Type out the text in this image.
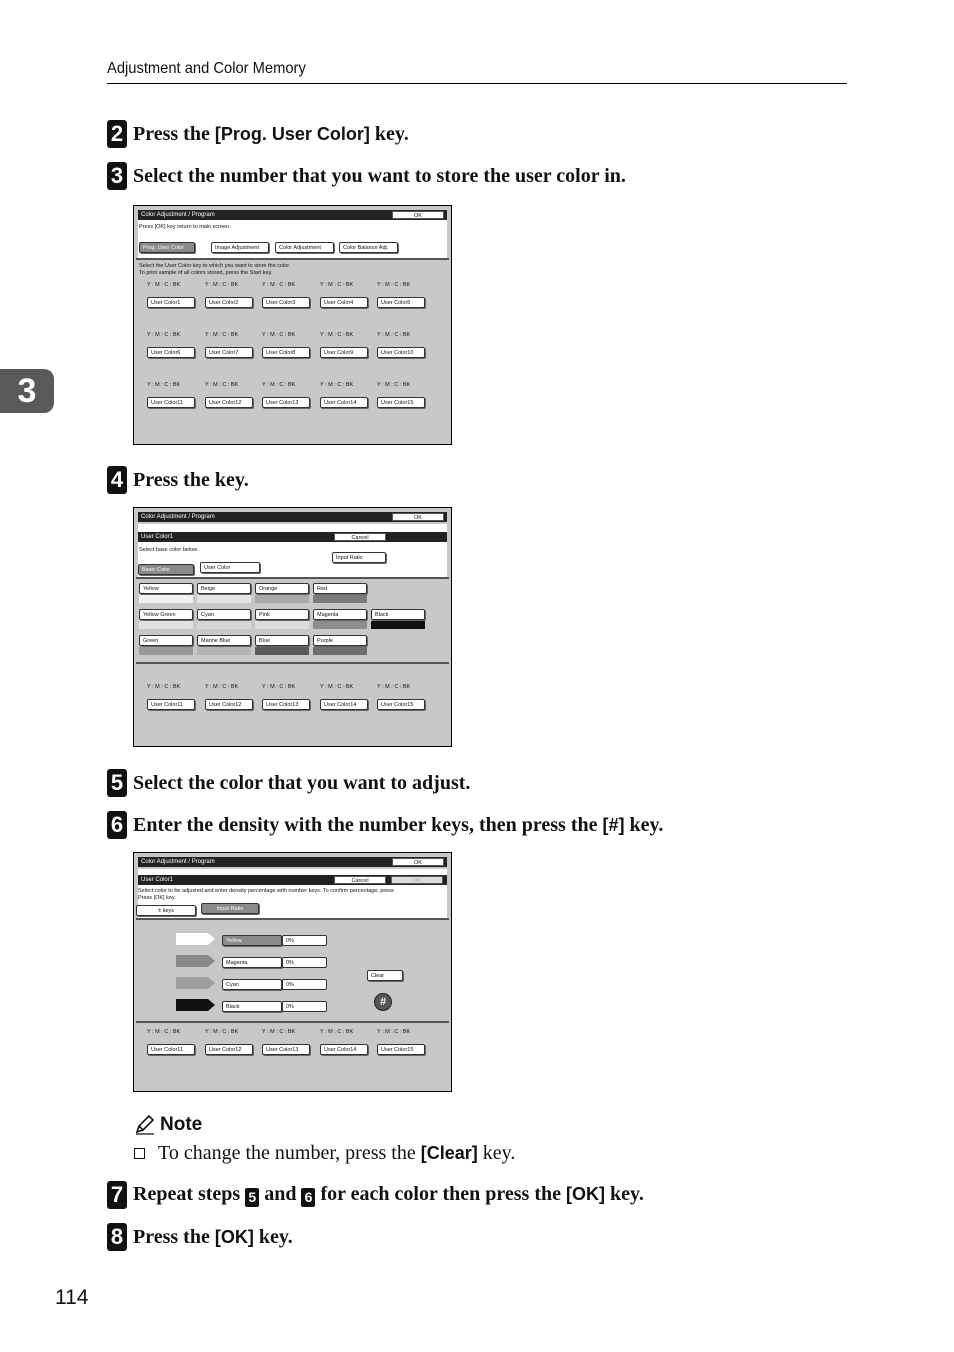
Adjustment and Color Memory
3
2 Press the [Prog. User Color] key.
3 Select the number that you want to store the user color in.
Color Adjustment / Program	OK
Press [OK] key return to main screen.
Prog. User Color	Image Adjustment	Color Adjustment	Color Balance Adj.
Select the User Color key to which you want to store the color.
To print sample of all colors stored, press the Start key.
Y : M : C : BK	Y : M : C : BK	Y : M : C : BK	Y : M : C : BK	Y : M : C : BK
User Color1	User Color2	User Color3	User Color4	User Color5
Y : M : C : BK	Y : M : C : BK	Y : M : C : BK	Y : M : C : BK	Y : M : C : BK
User Color6	User Color7	User Color8	User Color9	User Color10
Y : M : C : BK	Y : M : C : BK	Y : M : C : BK	Y : M : C : BK	Y : M : C : BK
User Color11	User Color12	User Color13	User Color14	User Color15
4 Press the key.
Color Adjustment / Program	OK
User Color1	Cancel
Select base color below.
Input Ratio
Basic Color	User Color
Yellow	Beige	Orange	Red
Yellow Green	Cyan	Pink	Magenta	Black
Green	Marine Blue	Blue	Purple
Y : M : C : BK	Y : M : C : BK	Y : M : C : BK	Y : M : C : BK	Y : M : C : BK
User Color11	User Color12	User Color13	User Color14	User Color15
5 Select the color that you want to adjust.
6 Enter the density with the number keys, then press the [#] key.
Color Adjustment / Program	OK
User Color1	Cancel	OK
Select color to be adjusted and enter density percentage with number keys. To confirm percentage, press
Press [OK] key.
± keys	Input Ratio
Yellow	0%
Magenta	0%
Cyan	0%
Black	0%
Clear
#
Y : M : C : BK	Y : M : C : BK	Y : M : C : BK	Y : M : C : BK	Y : M : C : BK
User Color11	User Color12	User Color13	User Color14	User Color15
Note
To change the number, press the [Clear] key.
7 Repeat steps 5 and 6 for each color then press the [OK] key.
8 Press the [OK] key.
114
